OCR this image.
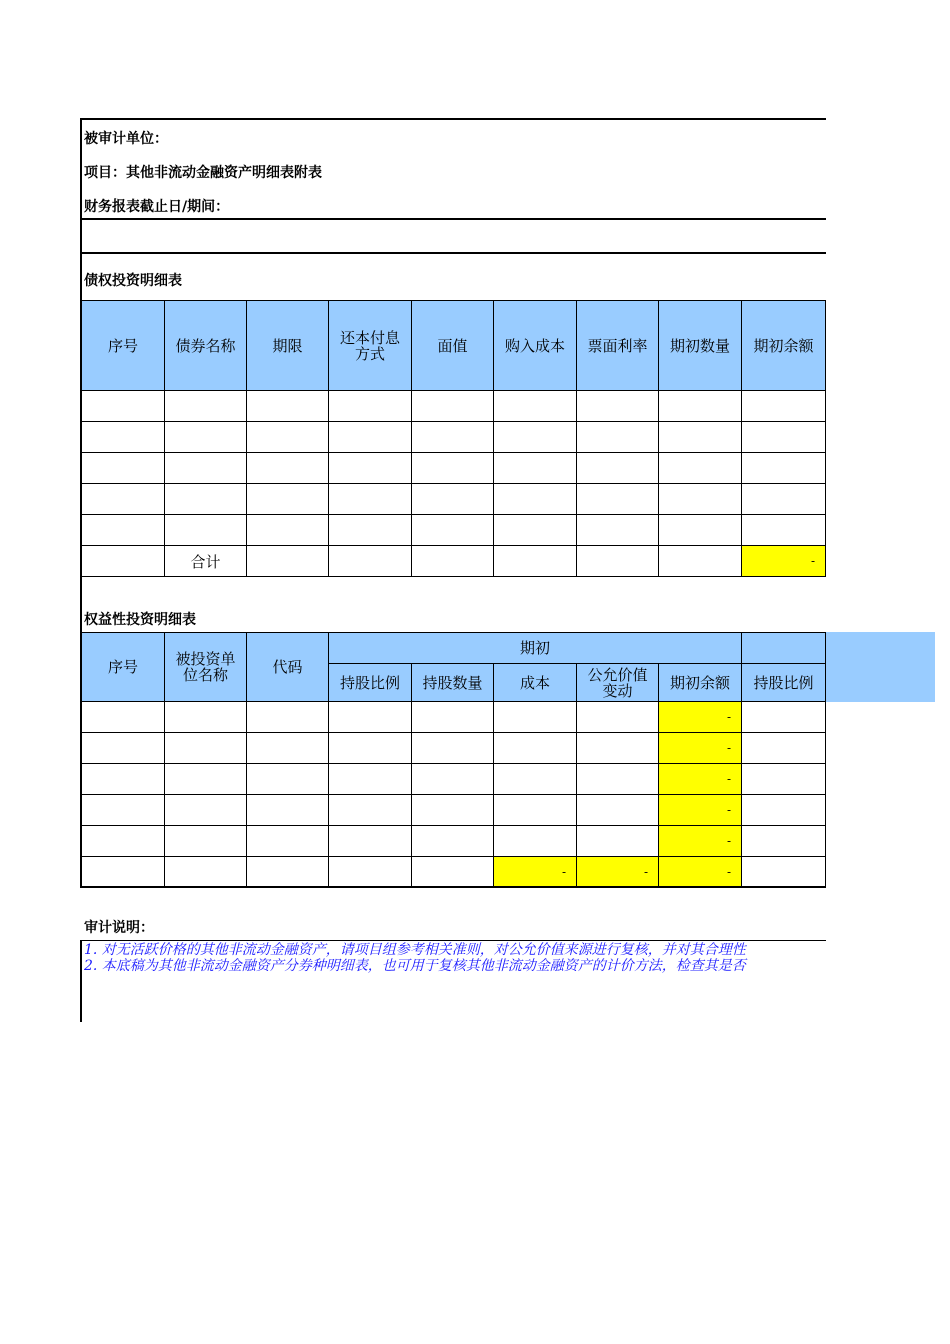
被审计单位：
项目：其他非流动金融资产明细表附表
财务报表截止日/期间：
债权投资明细表
序号	债券名称	期限	还本付息方式	面值	购入成本	票面利率	期初数量	期初余额

	合计							-
权益性投资明细表
序号	被投资单位名称	代码	期初					
			持股比例	持股数量	成本	公允价值变动	期初余额	持股比例
							-	
							-	
							-	
							-	
							-	
					-	-	-	
审计说明：
1. 对无活跃价格的其他非流动金融资产，请项目组参考相关准则，对公允价值来源进行复核，并对其合理性
2. 本底稿为其他非流动金融资产分券种明细表，也可用于复核其他非流动金融资产的计价方法，检查其是否
